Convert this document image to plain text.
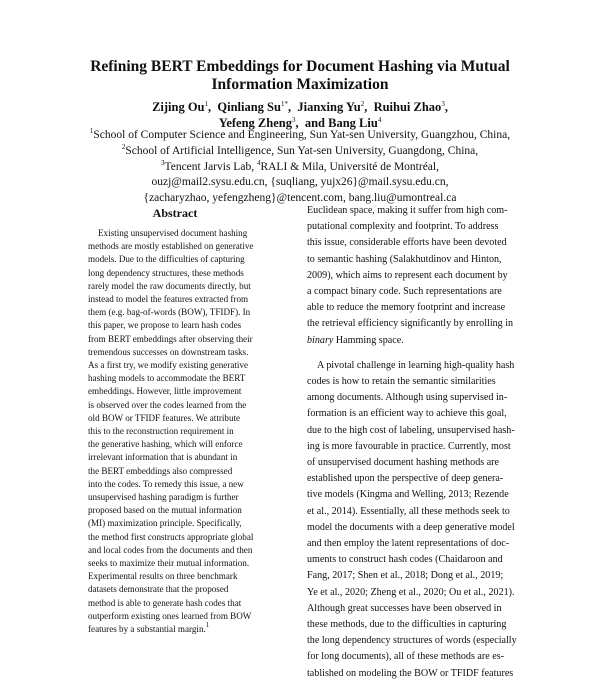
Refining BERT Embeddings for Document Hashing via Mutual
Information Maximization
Zijing Ou$^1$,  Qinliang $Su^{1*}$,  Jianxing Yu$^2$,  Ruihui Zhao$^3$,
Yefeng Zheng$^3$,  and Bang Liu$^4$
$^1$School of Computer Science and Engineering, Sun Yat-sen University, Guangzhou, China,
$^2$School of Artificial Intelligence, Sun Yat-sen University, Guangdong, China,
$^3$Tencent Jarvis Lab, $^4$RALI & Mila, Université de Montréal,
ouzj@mail2.sysu.edu.cn, {suqliang, yujx26}@mail.sysu.edu.cn,
{zacharyzhao, yefengzheng}@tencent.com, bang.liu@umontreal.ca
Abstract
Existing unsupervised document hashing
methods are mostly established on generative
models. Due to the difficulties of capturing
long dependency structures, these methods
rarely model the raw documents directly, but
instead to model the features extracted from
them (e.g. bag-of-words (BOW), TFIDF). In
this paper, we propose to learn hash codes
from BERT embeddings after observing their
tremendous successes on downstream tasks.
As a first try, we modify existing generative
hashing models to accommodate the BERT
embeddings. However, little improvement
is observed over the codes learned from the
old BOW or TFIDF features. We attribute
this to the reconstruction requirement in
the generative hashing, which will enforce
irrelevant information that is abundant in
the BERT embeddings also compressed
into the codes. To remedy this issue, a new
unsupervised hashing paradigm is further
proposed based on the mutual information
(MI) maximization principle. Specifically,
the method first constructs appropriate global
and local codes from the documents and then
seeks to maximize their mutual information.
Experimental results on three benchmark
datasets demonstrate that the proposed
method is able to generate hash codes that
outperform existing ones learned from BOW
features by a substantial margin.$^1$
Euclidean space, making it suffer from high com-
putational complexity and footprint. To address
this issue, considerable efforts have been devoted
to semantic hashing (Salakhutdinov and Hinton,
2009), which aims to represent each document by
a compact binary code. Such representations are
able to reduce the memory footprint and increase
the retrieval efficiency significantly by enrolling in
binary Hamming space.
A pivotal challenge in learning high-quality hash
codes is how to retain the semantic similarities
among documents. Although using supervised in-
formation is an efficient way to achieve this goal,
due to the high cost of labeling, unsupervised hash-
ing is more favourable in practice. Currently, most
of unsupervised document hashing methods are
established upon the perspective of deep genera-
tive models (Kingma and Welling, 2013; Rezende
et al., 2014). Essentially, all these methods seek to
model the documents with a deep generative model
and then employ the latent representations of doc-
uments to construct hash codes (Chaidaroon and
Fang, 2017; Shen et al., 2018; Dong et al., 2019;
Ye et al., 2020; Zheng et al., 2020; Ou et al., 2021).
Although great successes have been observed in
these methods, due to the difficulties in capturing
the long dependency structures of words (especially
for long documents), all of these methods are es-
tablished on modeling the BOW or TFIDF features
